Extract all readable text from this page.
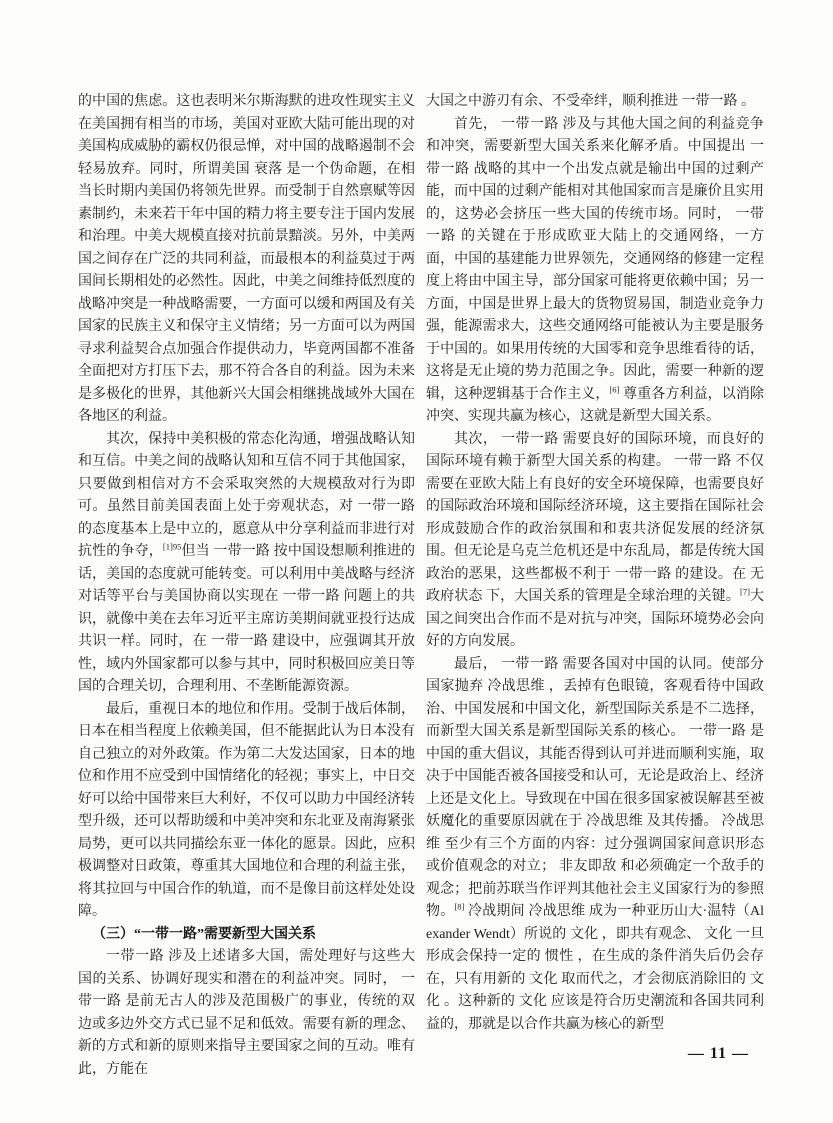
的中国的焦虑。这也表明米尔斯海默的进攻性现实主义在美国拥有相当的市场，美国对亚欧大陆可能出现的对美国构成威胁的霸权仍很忌惮，对中国的战略遏制不会轻易放弃。同时，所谓美国 衰落 是一个伪命题，在相当长时期内美国仍将领先世界。而受制于自然禀赋等因素制约，未来若干年中国的精力将主要专注于国内发展和治理。中美大规模直接对抗前景黯淡。另外，中美两国之间存在广泛的共同利益，而最根本的利益莫过于两国间长期相处的必然性。因此，中美之间维持低烈度的战略冲突是一种战略需要，一方面可以缓和两国及有关国家的民族主义和保守主义情绪；另一方面可以为两国寻求利益契合点加强合作提供动力，毕竟两国都不准备全面把对方打压下去，那不符合各自的利益。因为未来是多极化的世界，其他新兴大国会相继挑战域外大国在各地区的利益。

其次，保持中美积极的常态化沟通，增强战略认知和互信。中美之间的战略认知和互信不同于其他国家，只要做到相信对方不会采取突然的大规模敌对行为即可。虽然目前美国表面上处于旁观状态，对 一带一路 的态度基本上是中立的，愿意从中分享利益而非进行对抗性的争夺，$^{[1]95}$但当 一带一路 按中国设想顺利推进的话，美国的态度就可能转变。可以利用中美战略与经济对话等平台与美国协商以实现在 一带一路 问题上的共识，就像中美在去年习近平主席访美期间就亚投行达成共识一样。同时，在 一带一路 建设中，应强调其开放性，域内外国家都可以参与其中，同时积极回应美日等国的合理关切，合理利用、不垄断能源资源。

最后，重视日本的地位和作用。受制于战后体制，日本在相当程度上依赖美国，但不能据此认为日本没有自己独立的对外政策。作为第二大发达国家，日本的地位和作用不应受到中国情绪化的轻视；事实上，中日交好可以给中国带来巨大利好，不仅可以助力中国经济转型升级，还可以帮助缓和中美冲突和东北亚及南海紧张局势，更可以共同描绘东亚一体化的愿景。因此，应积极调整对日政策，尊重其大国地位和合理的利益主张，将其拉回与中国合作的轨道，而不是像目前这样处处设障。

（三）“一带一路”需要新型大国关系

一带一路 涉及上述诸多大国，需处理好与这些大国的关系、协调好现实和潜在的利益冲突。同时， 一带一路 是前无古人的涉及范围极广的事业，传统的双边或多边外交方式已显不足和低效。需要有新的理念、新的方式和新的原则来指导主要国家之间的互动。唯有此，方能在

大国之中游刃有余、不受牵绊，顺利推进 一带一路 。

首先， 一带一路 涉及与其他大国之间的利益竞争和冲突，需要新型大国关系来化解矛盾。中国提出 一带一路 战略的其中一个出发点就是输出中国的过剩产能，而中国的过剩产能相对其他国家而言是廉价且实用的，这势必会挤压一些大国的传统市场。同时， 一带一路 的关键在于形成欧亚大陆上的交通网络，一方面，中国的基建能力世界领先，交通网络的修建一定程度上将由中国主导，部分国家可能将更依赖中国；另一方面，中国是世界上最大的货物贸易国，制造业竞争力强，能源需求大，这些交通网络可能被认为主要是服务于中国的。如果用传统的大国零和竞争思维看待的话，这将是无止境的势力范围之争。因此，需要一种新的逻辑，这种逻辑基于合作主义，[6] 尊重各方利益，以消除冲突、实现共赢为核心，这就是新型大国关系。

其次， 一带一路 需要良好的国际环境，而良好的国际环境有赖于新型大国关系的构建。 一带一路 不仅需要在亚欧大陆上有良好的安全环境保障，也需要良好的国际政治环境和国际经济环境，这主要指在国际社会形成鼓励合作的政治氛围和和衷共济促发展的经济氛围。但无论是乌克兰危机还是中东乱局，都是传统大国政治的恶果，这些都极不利于 一带一路 的建设。在 无政府状态 下，大国关系的管理是全球治理的关键。[7]大国之间突出合作而不是对抗与冲突，国际环境势必会向好的方向发展。

最后， 一带一路 需要各国对中国的认同。使部分国家抛弃 冷战思维 ，丢掉有色眼镜，客观看待中国政治、中国发展和中国文化，新型国际关系是不二选择，而新型大国关系是新型国际关系的核心。 一带一路 是中国的重大倡议，其能否得到认可并进而顺利实施，取决于中国能否被各国接受和认可，无论是政治上、经济上还是文化上。导致现在中国在很多国家被误解甚至被妖魔化的重要原因就在于 冷战思维 及其传播。 冷战思维 至少有三个方面的内容：过分强调国家间意识形态或价值观念的对立； 非友即敌 和必须确定一个敌手的观念；把前苏联当作评判其他社会主义国家行为的参照物。[8] 冷战期间 冷战思维 成为一种亚历山大·温特（Alexander Wendt）所说的 文化 ，即共有观念、 文化 一旦形成会保持一定的 惯性 ，在生成的条件消失后仍会存在，只有用新的 文化 取而代之，才会彻底消除旧的 文化 。这种新的 文化 应该是符合历史潮流和各国共同利益的，那就是以合作共赢为核心的新型

— 11 —
